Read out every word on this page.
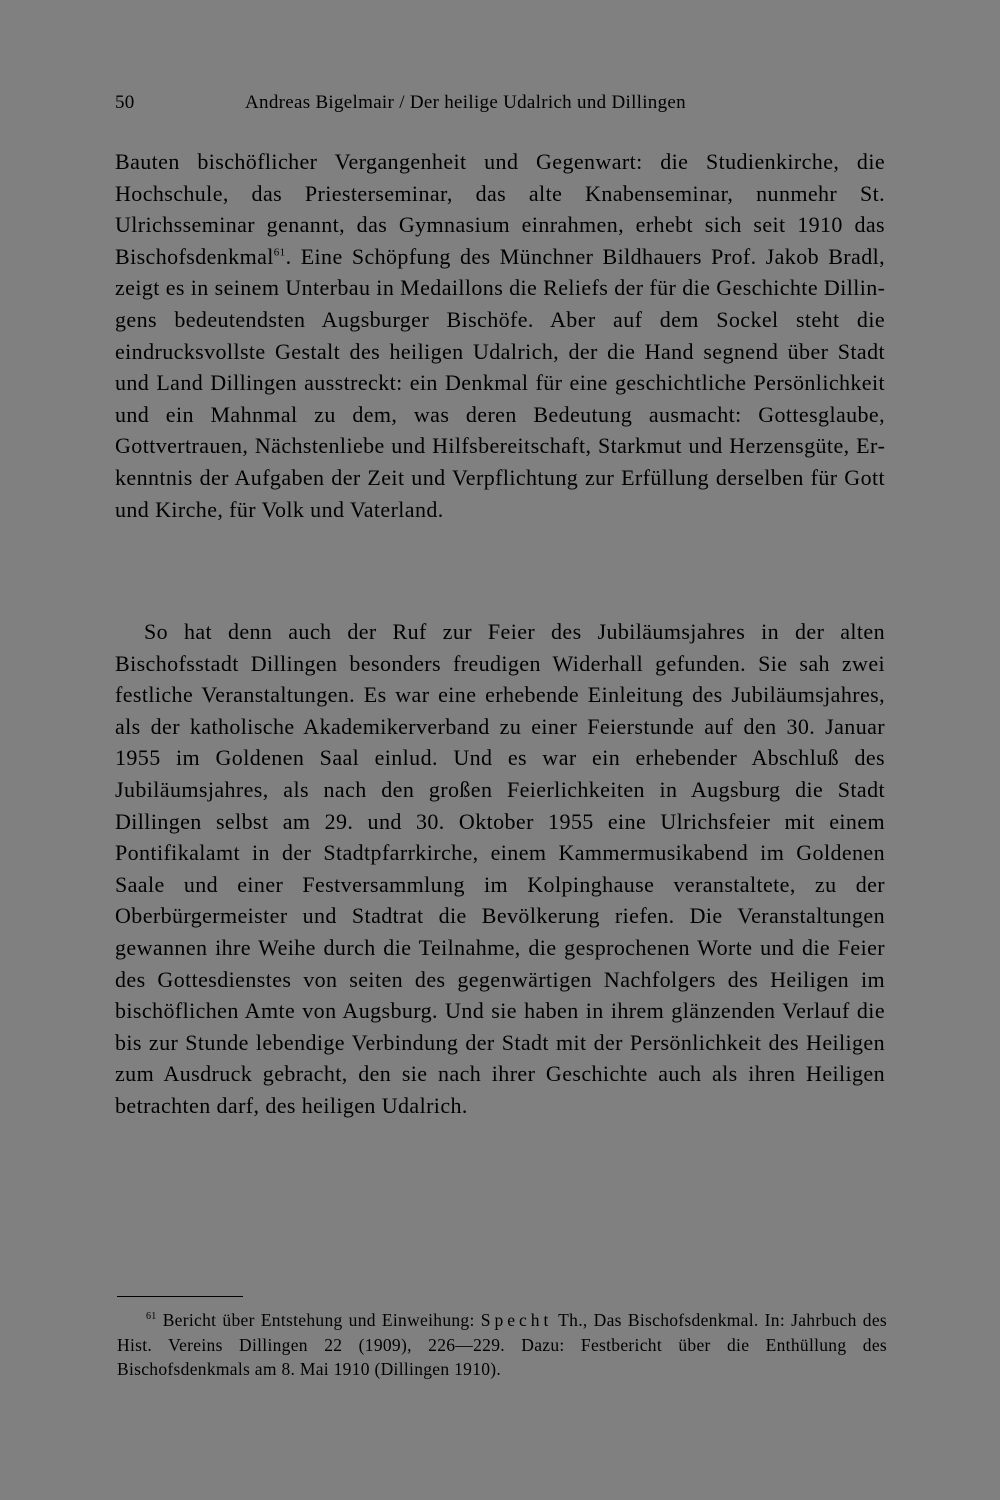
50	Andreas Bigelmair / Der heilige Udalrich und Dillingen

Bauten bischöflicher Vergangenheit und Gegenwart: die Studienkirche, die Hochschule, das Priesterseminar, das alte Knabenseminar, nunmehr St. Ulrichsseminar genannt, das Gymnasium einrahmen, erhebt sich seit 1910 das Bischofsdenkmal$^{61}$. Eine Schöpfung des Münchner Bildhauers Prof. Jakob Bradl, zeigt es in seinem Unterbau in Medaillons die Reliefs der für die Geschichte Dillingens bedeutendsten Augsburger Bischöfe. Aber auf dem Sockel steht die eindrucksvollste Gestalt des heiligen Udalrich, der die Hand segnend über Stadt und Land Dillingen ausstreckt: ein Denkmal für eine geschichtliche Persönlichkeit und ein Mahnmal zu dem, was deren Bedeutung ausmacht: Gottesglaube, Gottvertrauen, Nächstenliebe und Hilfsbereitschaft, Starkmut und Herzensgüte, Erkenntnis der Aufgaben der Zeit und Verpflichtung zur Erfüllung derselben für Gott und Kirche, für Volk und Vaterland.

So hat denn auch der Ruf zur Feier des Jubiläumsjahres in der alten Bischofsstadt Dillingen besonders freudigen Widerhall gefunden. Sie sah zwei festliche Veranstaltungen. Es war eine erhebende Einleitung des Jubiläumsjahres, als der katholische Akademikerverband zu einer Feierstunde auf den 30. Januar 1955 im Goldenen Saal einlud. Und es war ein erhebender Abschluß des Jubiläumsjahres, als nach den großen Feierlichkeiten in Augsburg die Stadt Dillingen selbst am 29. und 30. Oktober 1955 eine Ulrichsfeier mit einem Pontifikalamt in der Stadtpfarrkirche, einem Kammermusikabend im Goldenen Saale und einer Festversammlung im Kolpinghause veranstaltete, zu der Oberbürgermeister und Stadtrat die Bevölkerung riefen. Die Veranstaltungen gewannen ihre Weihe durch die Teilnahme, die gesprochenen Worte und die Feier des Gottesdienstes von seiten des gegenwärtigen Nachfolgers des Heiligen im bischöflichen Amte von Augsburg. Und sie haben in ihrem glänzenden Verlauf die bis zur Stunde lebendige Verbindung der Stadt mit der Persönlichkeit des Heiligen zum Ausdruck gebracht, den sie nach ihrer Geschichte auch als ihren Heiligen betrachten darf, des heiligen Udalrich.

$^{61}$ Bericht über Entstehung und Einweihung: Specht Th., Das Bischofsdenkmal. In: Jahrbuch des Hist. Vereins Dillingen 22 (1909), 226—229. Dazu: Festbericht über die Enthüllung des Bischofsdenkmals am 8. Mai 1910 (Dillingen 1910).
